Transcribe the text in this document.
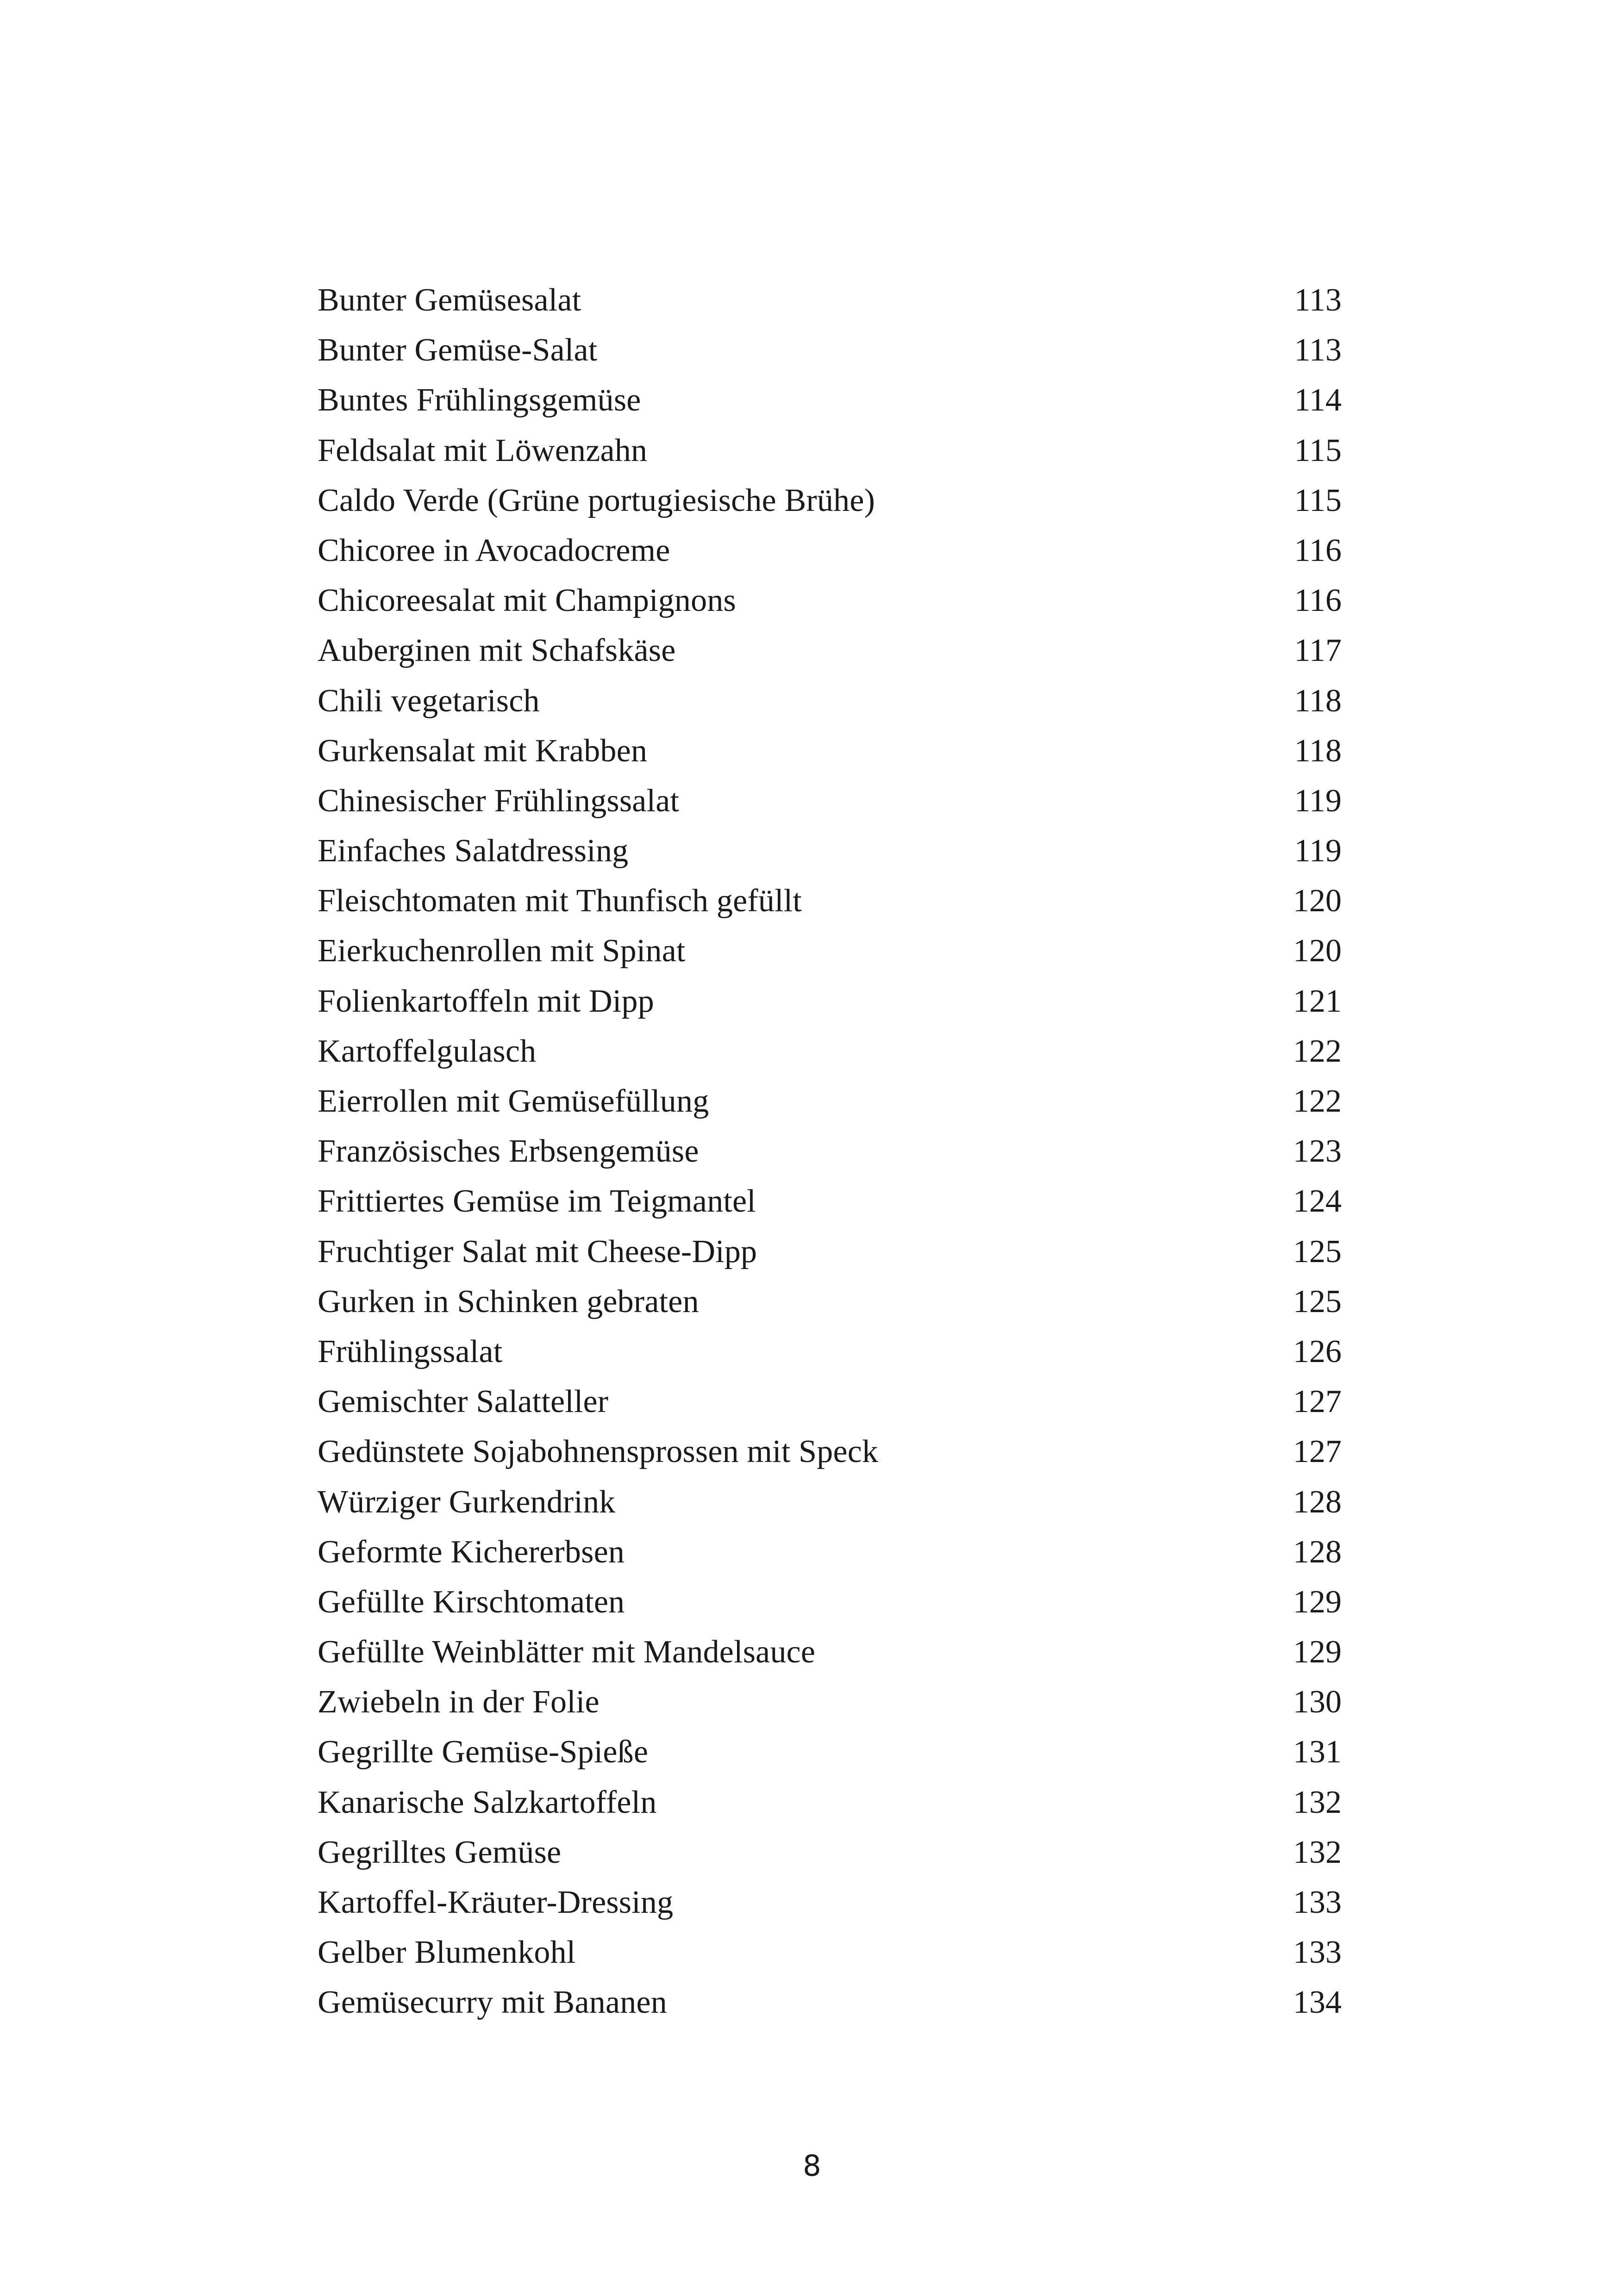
Bunter Gemüsesalat	113
Bunter Gemüse-Salat	113
Buntes Frühlingsgemüse	114
Feldsalat mit Löwenzahn	115
Caldo Verde (Grüne portugiesische Brühe)	115
Chicoree in Avocadocreme	116
Chicoreesalat mit Champignons	116
Auberginen mit Schafskäse	117
Chili vegetarisch	118
Gurkensalat mit Krabben	118
Chinesischer Frühlingssalat	119
Einfaches Salatdressing	119
Fleischtomaten mit Thunfisch gefüllt	120
Eierkuchenrollen mit Spinat	120
Folienkartoffeln mit Dipp	121
Kartoffelgulasch	122
Eierrollen mit Gemüsefüllung	122
Französisches Erbsengemüse	123
Frittiertes Gemüse im Teigmantel	124
Fruchtiger Salat mit Cheese-Dipp	125
Gurken in Schinken gebraten	125
Frühlingssalat	126
Gemischter Salatteller	127
Gedünstete Sojabohnensprossen mit Speck	127
Würziger Gurkendrink	128
Geformte Kichererbsen	128
Gefüllte Kirschtomaten	129
Gefüllte Weinblätter mit Mandelsauce	129
Zwiebeln in der Folie	130
Gegrillte Gemüse-Spieße	131
Kanarische Salzkartoffeln	132
Gegrilltes Gemüse	132
Kartoffel-Kräuter-Dressing	133
Gelber Blumenkohl	133
Gemüsecurry mit Bananen	134
8
